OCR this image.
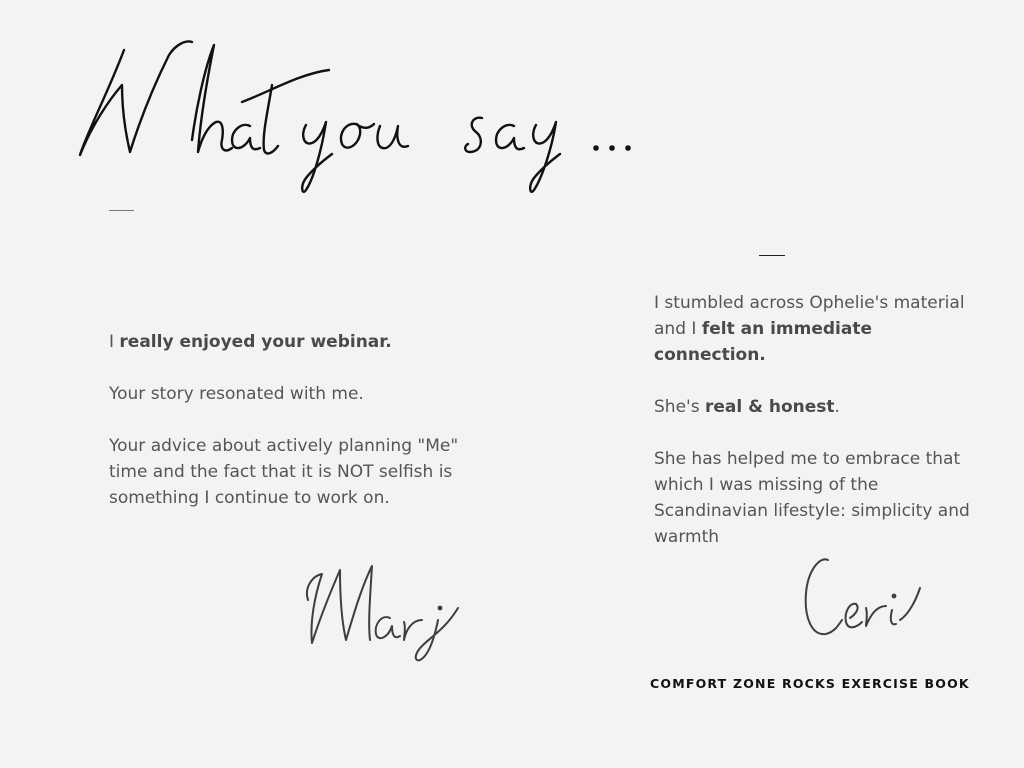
I really enjoyed your webinar.

Your story resonated with me.

Your advice about actively planning "Me" time and the fact that it is NOT selfish is something I continue to work on.

I stumbled across Ophelie's material and I felt an immediate connection.

She's real & honest.

She has helped me to embrace that which I was missing of the Scandinavian lifestyle: simplicity and warmth

COMFORT ZONE ROCKS EXERCISE BOOK
